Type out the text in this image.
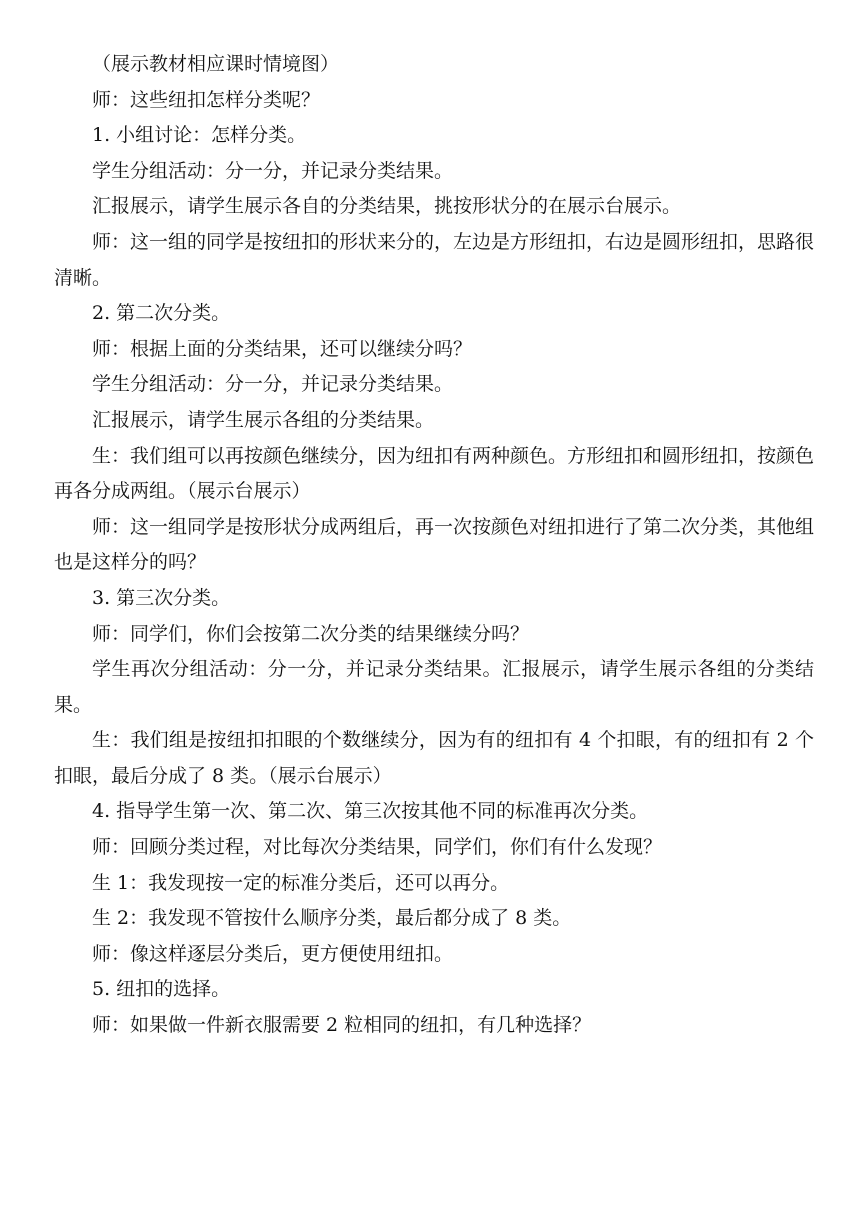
（展示教材相应课时情境图）

师：这些纽扣怎样分类呢？

1. 小组讨论：怎样分类。

学生分组活动：分一分，并记录分类结果。

汇报展示，请学生展示各自的分类结果，挑按形状分的在展示台展示。

师：这一组的同学是按纽扣的形状来分的，左边是方形纽扣，右边是圆形纽扣，思路很清晰。

2. 第二次分类。

师：根据上面的分类结果，还可以继续分吗？

学生分组活动：分一分，并记录分类结果。

汇报展示，请学生展示各组的分类结果。

生：我们组可以再按颜色继续分，因为纽扣有两种颜色。方形纽扣和圆形纽扣，按颜色再各分成两组。（展示台展示）

师：这一组同学是按形状分成两组后，再一次按颜色对纽扣进行了第二次分类，其他组也是这样分的吗？

3. 第三次分类。

师：同学们，你们会按第二次分类的结果继续分吗？

学生再次分组活动：分一分，并记录分类结果。汇报展示，请学生展示各组的分类结果。

生：我们组是按纽扣扣眼的个数继续分，因为有的纽扣有 4 个扣眼，有的纽扣有 2 个扣眼，最后分成了 8 类。（展示台展示）

4. 指导学生第一次、第二次、第三次按其他不同的标准再次分类。

师：回顾分类过程，对比每次分类结果，同学们，你们有什么发现？

生 1：我发现按一定的标准分类后，还可以再分。

生 2：我发现不管按什么顺序分类，最后都分成了 8 类。

师：像这样逐层分类后，更方便使用纽扣。

5. 纽扣的选择。

师：如果做一件新衣服需要 2 粒相同的纽扣，有几种选择？
